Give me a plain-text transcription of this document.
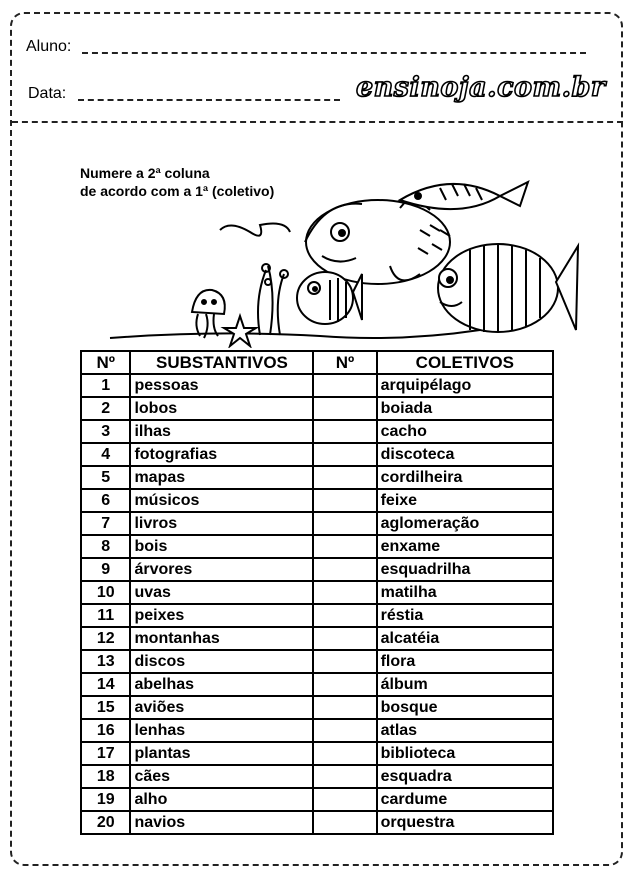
Aluno:
Data:	ensinoja.com.br
Numere a 2ª coluna
de acordo com a 1ª (coletivo)
Nº	SUBSTANTIVOS	Nº	COLETIVOS
1	pessoas		arquipélago
2	lobos		boiada
3	ilhas		cacho
4	fotografias		discoteca
5	mapas		cordilheira
6	músicos		feixe
7	livros		aglomeração
8	bois		enxame
9	árvores		esquadrilha
10	uvas		matilha
11	peixes		réstia
12	montanhas		alcatéia
13	discos		flora
14	abelhas		álbum
15	aviões		bosque
16	lenhas		atlas
17	plantas		biblioteca
18	cães		esquadra
19	alho		cardume
20	navios		orquestra
